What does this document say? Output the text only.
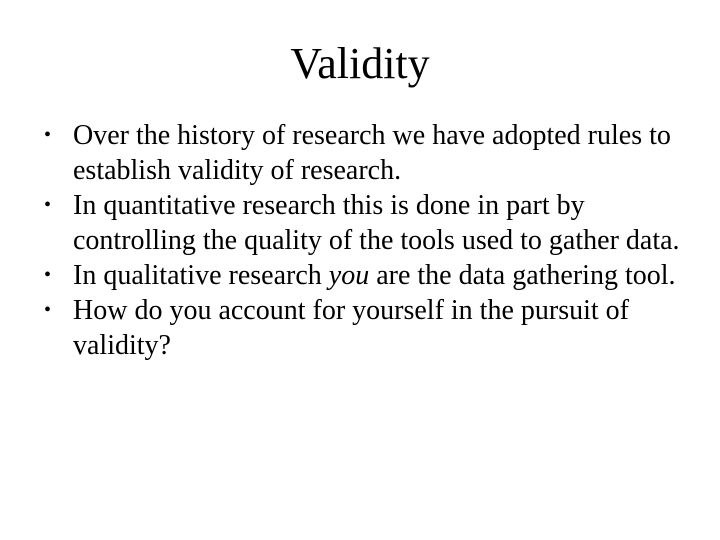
Validity
• Over the history of research we have adopted rules to establish validity of research.
• In quantitative research this is done in part by controlling the quality of the tools used to gather data.
• In qualitative research you are the data gathering tool.
• How do you account for yourself in the pursuit of validity?
